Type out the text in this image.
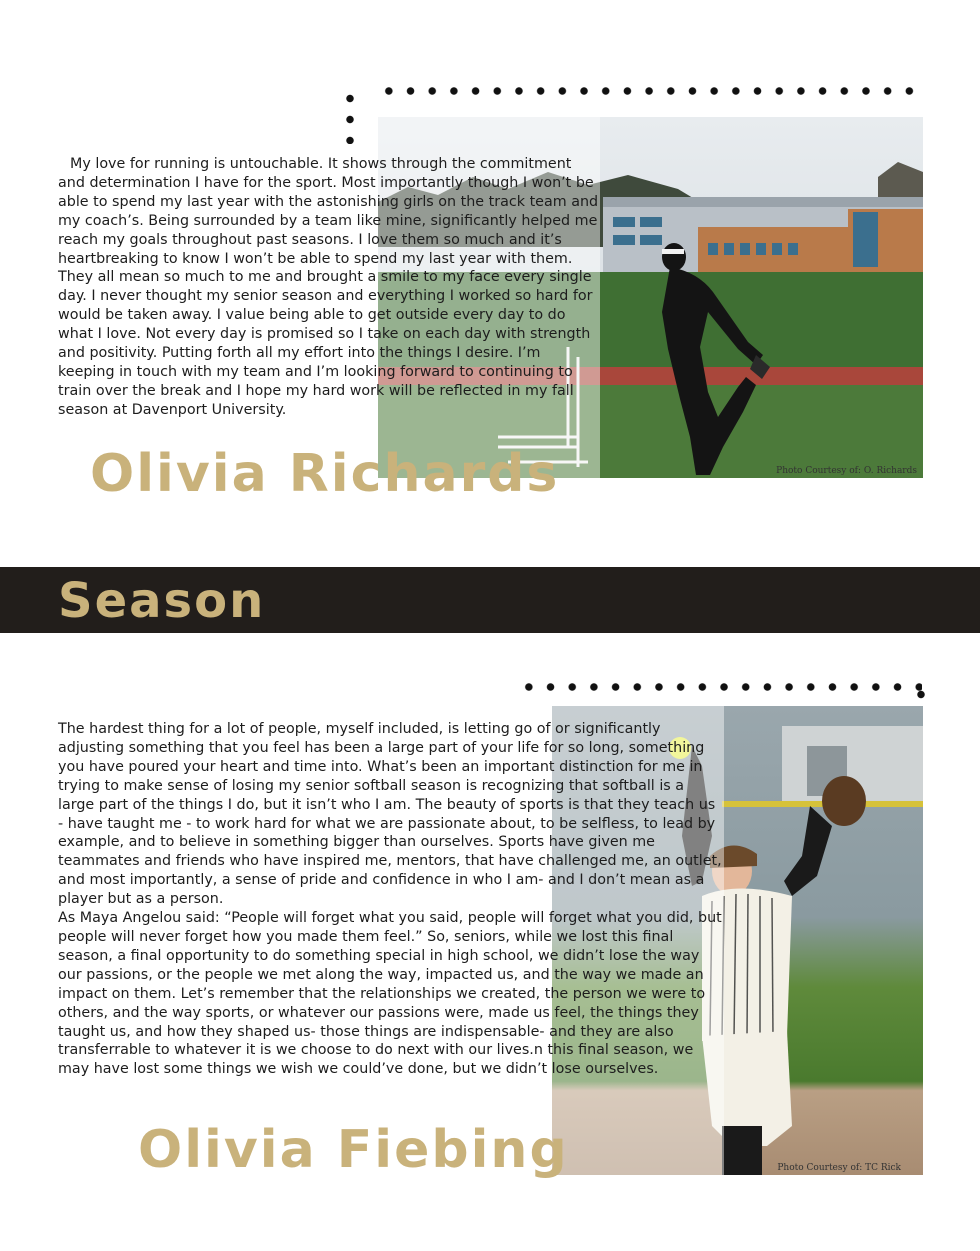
Photo Courtesy of: O. Richards

My love for running is untouchable. It shows through the commitment and determination I have for the sport. Most importantly though I won’t be able to spend my last year with the astonishing girls on the track team and my coach’s. Being surrounded by a team like mine, significantly helped me reach my goals throughout past seasons. I love them so much and it’s heartbreaking to know I won’t be able to spend my last year with them. They all mean so much to me and brought a smile to my face every single day. I never thought my senior season and everything I worked so hard for would be taken away. I value being able to get outside every day to do what I love. Not every day is promised so I take on each day with strength and positivity. Putting forth all my effort into the things I desire. I’m keeping in touch with my team and I’m looking forward to continuing to train over the break and I hope my hard work will be reflected in my fall season at Davenport University.

Olivia Richards
Season
Photo Courtesy of: TC Rick

The hardest thing for a lot of people, myself included, is letting go of or significantly adjusting something that you feel has been a large part of your life for so long, something you have poured your heart and time into. What’s been an important distinction for me in trying to make sense of losing my senior softball season is recognizing that softball is a large part of the things I do, but it isn’t who I am. The beauty of sports is that they teach us - have taught me - to work hard for what we are passionate about, to be selfless, to lead by example, and to believe in something bigger than ourselves. Sports have given me teammates and friends who have inspired me, mentors, that have challenged me, an outlet, and most importantly, a sense of pride and confidence in who I am- and I don’t mean as a player but as a person.

As Maya Angelou said: “People will forget what you said, people will forget what you did, but people will never forget how you made them feel.” So, seniors, while we lost this final season, a final opportunity to do something special in high school, we didn’t lose the way our passions, or the people we met along the way, impacted us, and the way we made an impact on them. Let’s remember that the relationships we created, the person we were to others, and the way sports, or whatever our passions were, made us feel, the things they taught us, and how they shaped us- those things are indispensable- and they are also transferrable to whatever it is we choose to do next with our lives.n this final season, we may have lost some things we wish we could’ve done, but we didn’t lose ourselves.

Olivia Fiebing
